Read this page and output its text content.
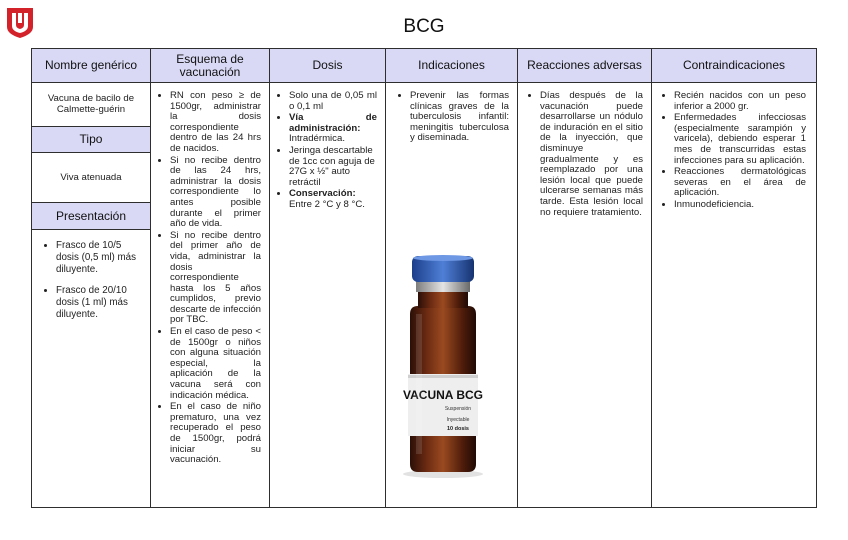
BCG
Nombre genérico
Vacuna de bacilo de Calmette-guérin
Tipo
Viva atenuada
Presentación
• Frasco de 10/5 dosis (0,5 ml) más diluyente.
• Frasco de 20/10 dosis (1 ml) más diluyente.
Esquema de vacunación
• RN con peso ≥ de 1500gr, administrar la dosis correspondiente dentro de las 24 hrs de nacidos.
• Si no recibe dentro de las 24 hrs, administrar la dosis correspondiente lo antes posible durante el primer año de vida.
• Si no recibe dentro del primer año de vida, administrar la dosis correspondiente hasta los 5 años cumplidos, previo descarte de infección por TBC.
• En el caso de peso < de 1500gr o niños con alguna situación especial, la aplicación de la vacuna será con indicación médica.
• En el caso de niño prematuro, una vez recuperado el peso de 1500gr, podrá iniciar su vacunación.
Dosis
• Solo una de 0,05 ml o 0,1 ml
• Vía de administración: Intradérmica.
• Jeringa descartable de 1cc con aguja de 27G x ½" auto retráctil
• Conservación: Entre 2 °C y 8 °C.
Indicaciones
• Prevenir las formas clínicas graves de la tuberculosis infantil: meningitis tuberculosa y diseminada.
Reacciones adversas
• Días después de la vacunación puede desarrollarse un nódulo de induración en el sitio de la inyección, que disminuye gradualmente y es reemplazado por una lesión local que puede ulcerarse semanas más tarde. Esta lesión local no requiere tratamiento.
Contraindicaciones
• Recién nacidos con un peso inferior a 2000 gr.
• Enfermedades infecciosas (especialmente sarampión y varicela), debiendo esperar 1 mes de transcurridas estas infecciones para su aplicación.
• Reacciones dermatológicas severas en el área de aplicación.
• Inmunodeficiencia.
VACUNA BCG
Suspensión
Inyectable
10 dosis
